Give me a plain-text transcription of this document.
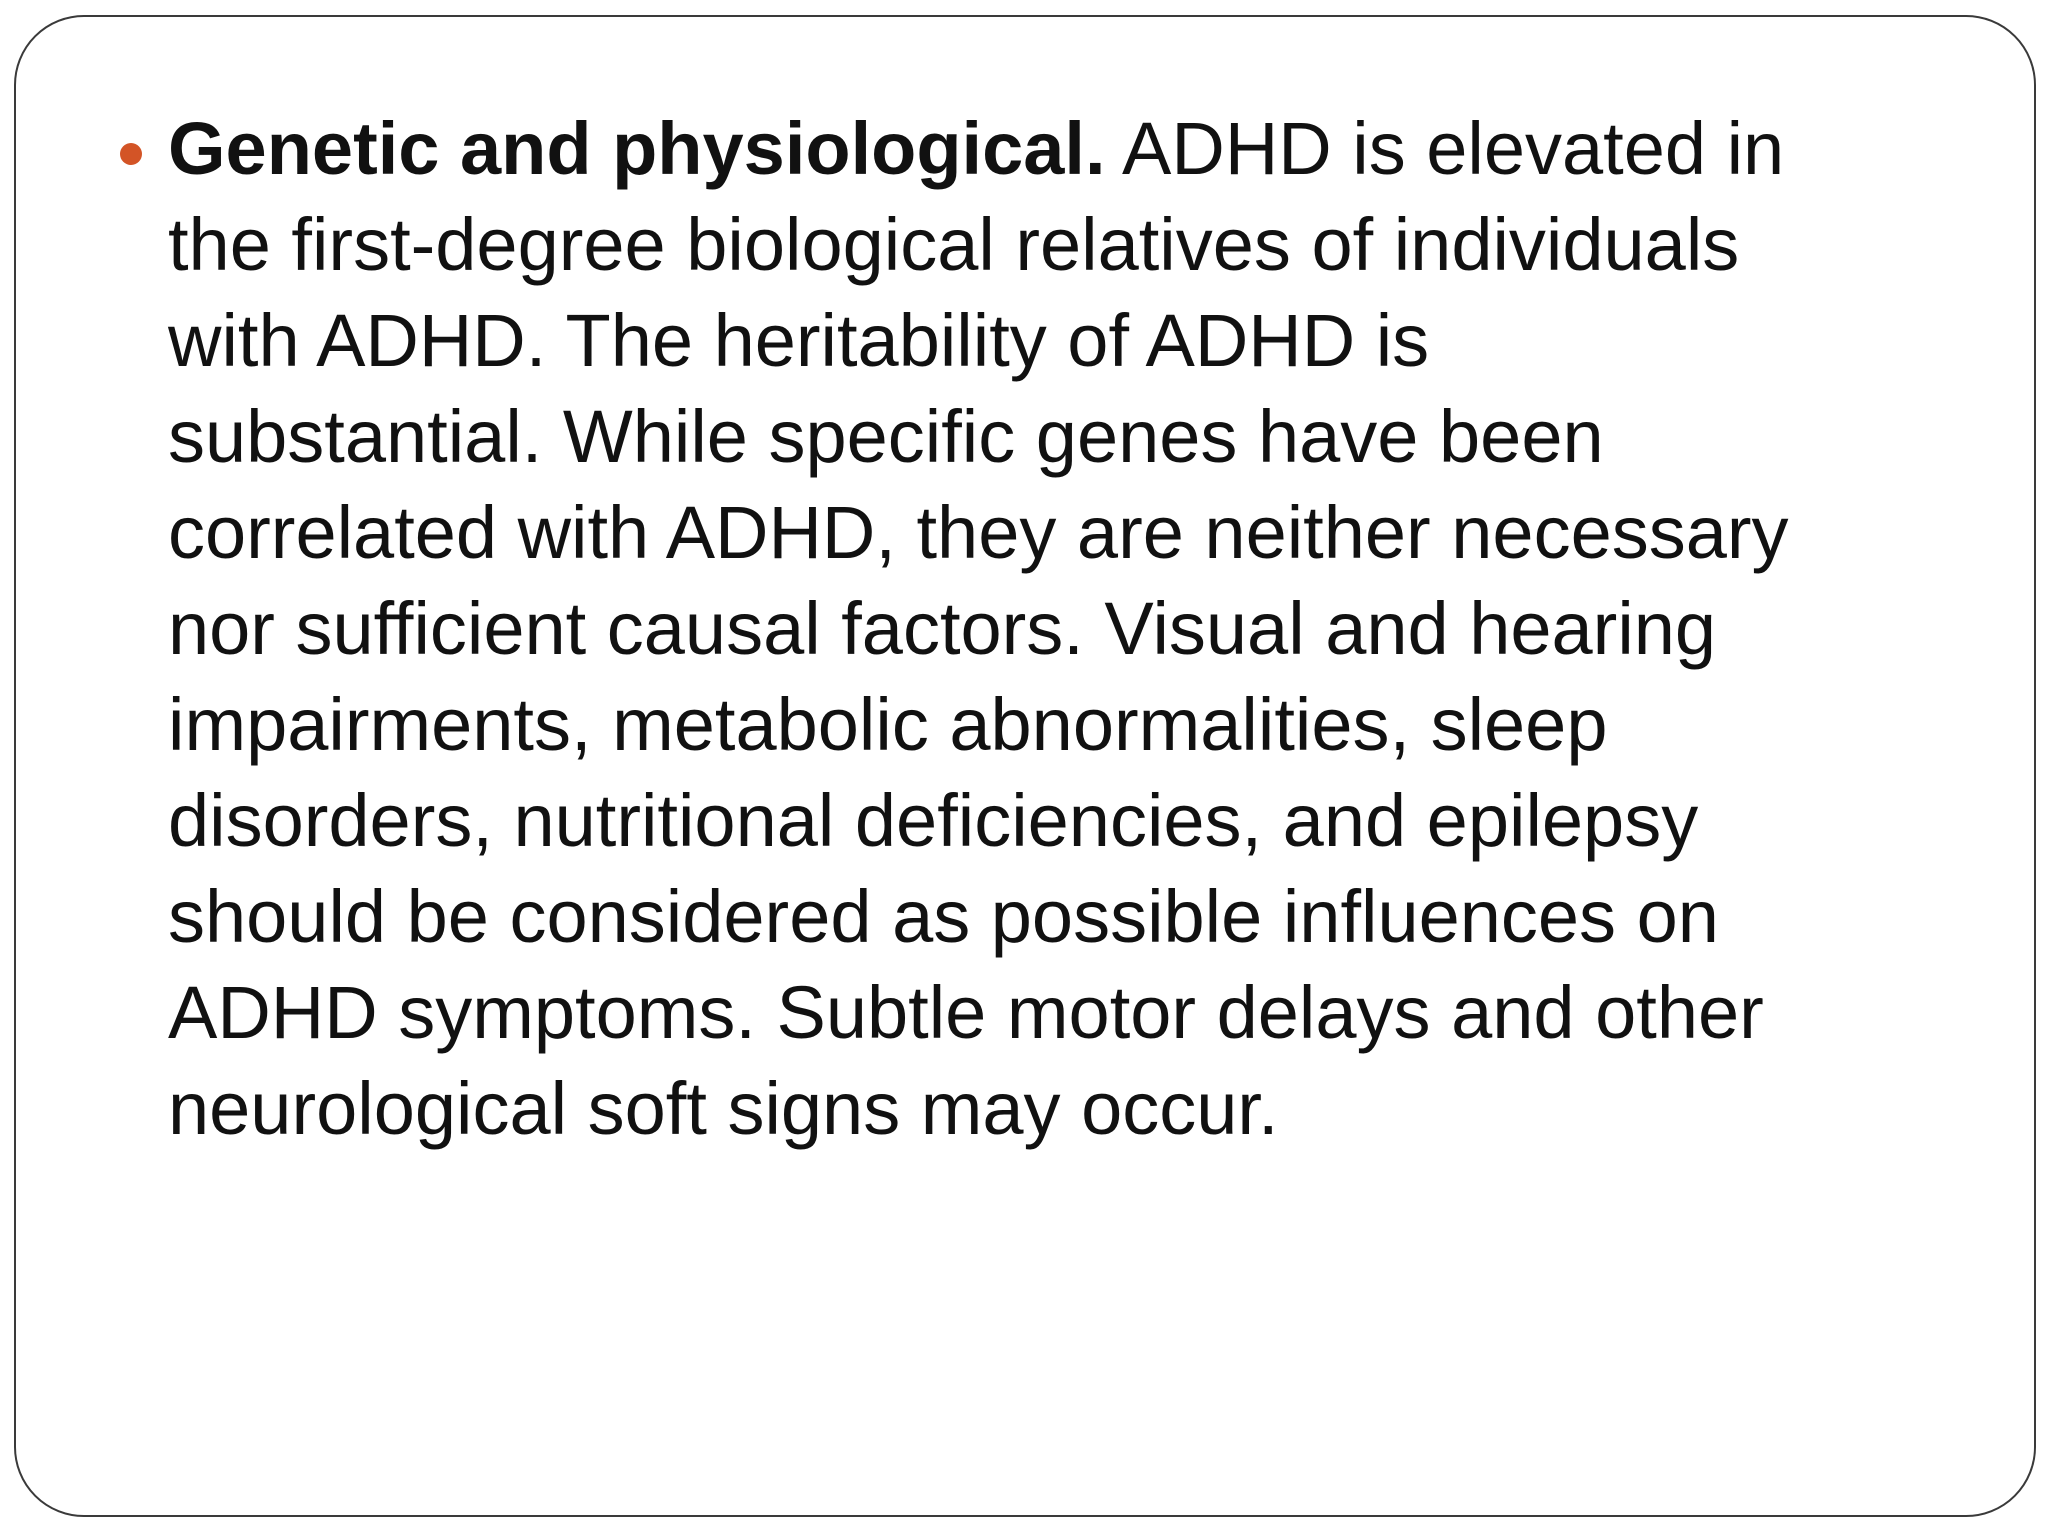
Genetic and physiological. ADHD is elevated in
the first-degree biological relatives of individuals
with ADHD. The heritability of ADHD is
substantial. While specific genes have been
correlated with ADHD, they are neither necessary
nor sufficient causal factors. Visual and hearing
impairments, metabolic abnormalities, sleep
disorders, nutritional deficiencies, and epilepsy
should be considered as possible influences on
ADHD symptoms. Subtle motor delays and other
neurological soft signs may occur.
